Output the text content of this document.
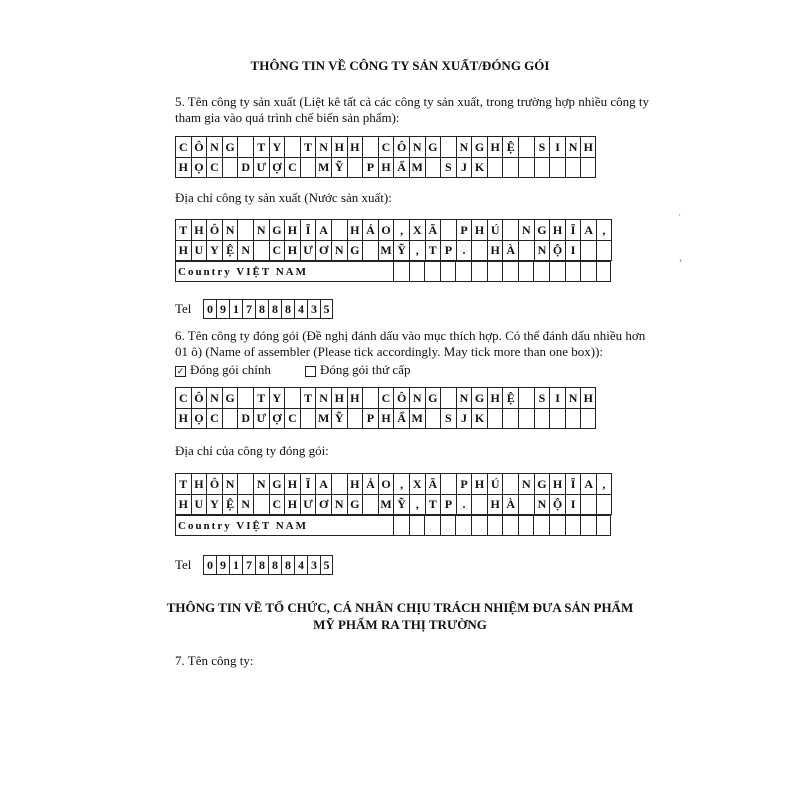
THÔNG TIN VỀ CÔNG TY SẢN XUẤT/ĐÓNG GÓI
5. Tên công ty sản xuất (Liệt kê tất cả các công ty sản xuất, trong trường hợp nhiều công ty
tham gia vào quá trình chế biến sản phẩm):
C Ô N G	T Y	T N H H	C Ô N G	N G H Ệ	S I N H
H Ọ C	D Ư Ợ C M Ỹ	P H Ẩ M	S J K
Địa chỉ công ty sản xuất (Nước sản xuất):
T H Ô N	N G H Ĩ A	H Ả O , X Ã	P H Ú	N G H Ĩ A ,
H U Y Ệ N	C H Ư Ơ N G M Ỹ , T P .	H À	N Ộ I
Country VIỆT NAM
Tel	0 9 1 7 8 8 8 4 3 5
6. Tên công ty đóng gói (Đề nghị đánh dấu vào mục thích hợp. Có thể đánh dấu nhiều hơn
01 ô) (Name of assembler (Please tick accordingly. May tick more than one box)):
✓ Đóng gói chính	Đóng gói thứ cấp
C Ô N G	T Y	T N H H	C Ô N G	N G H Ệ	S I N H
H Ọ C	D Ư Ợ C M Ỹ	P H Ẩ M	S J K
Địa chỉ của công ty đóng gói:
T H Ô N	N G H Ĩ A	H Ả O , X Ã	P H Ú	N G H Ĩ A ,
H U Y Ệ N	C H Ư Ơ N G M Ỹ , T P .	H À	N Ộ I
Country VIỆT NAM
Tel	0 9 1 7 8 8 8 4 3 5
THÔNG TIN VỀ TỔ CHỨC, CÁ NHÂN CHỊU TRÁCH NHIỆM ĐƯA SẢN PHẨM
MỸ PHẨM RA THỊ TRƯỜNG
7. Tên công ty:
·
›
